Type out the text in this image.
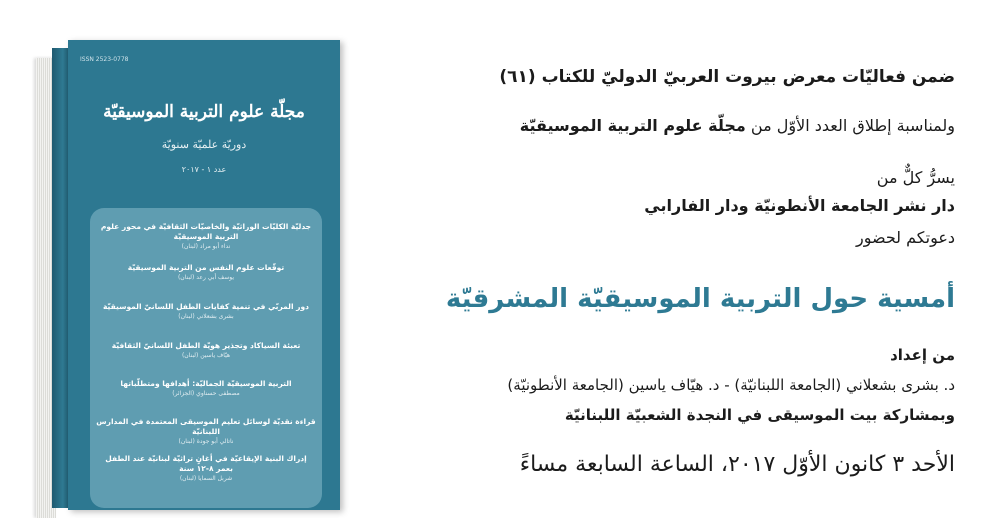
ISSN 2523-0778
مجلّة علوم التربية الموسيقيّة
دوريّة علميّة سنويّة
عدد ١ - ٢٠١٧
جدليّة الكليّات الوراثيّة والخاصيّات الثقافيّة في محور علوم التربية الموسيقيّة
نداء أبو مراد (لبنان)
توقّعات علوم النفس من التربية الموسيقيّة
يوسف أبي رعد (لبنان)
دور المربّي في تنمية كفايات الطفل اللسانيّ الموسيقيّة
بشرى بشعلاني (لبنان)
تعبئة السياكاد وتجذير هويّة الطفل اللسانيّ الثقافيّة
هيّاف ياسين (لبنان)
التربية الموسيقيّة الجماليّة: أهدافها ومتطلّباتها
مصطفى حسناوي (الجزائر)
قراءة نقديّة لوسائل تعليم الموسيقى المعتمدة في المدارس اللبنانيّة
ناتالي أبو جودة (لبنان)
إدراك البنية الإيقاعيّة في أغانٍ تراثيّة لبنانيّة عند الطفل بعمر ٨-١٢ سنة
شربل السمايا (لبنان)
ضمن فعاليّات معرض بيروت العربيّ الدوليّ للكتاب (٦١)
ولمناسبة إطلاق العدد الأوّل من مجلّة علوم التربية الموسيقيّة
يسرُّ كلٌّ من
دار نشر الجامعة الأنطونيّة ودار الفارابي
دعوتكم لحضور
أمسية حول التربية الموسيقيّة المشرقيّة
من إعداد
د. بشرى بشعلاني (الجامعة اللبنانيّة) - د. هيّاف ياسين (الجامعة الأنطونيّة)
وبمشاركة بيت الموسيقى في النجدة الشعبيّة اللبنانيّة
الأحد ٣ كانون الأوّل ٢٠١٧، الساعة السابعة مساءً
